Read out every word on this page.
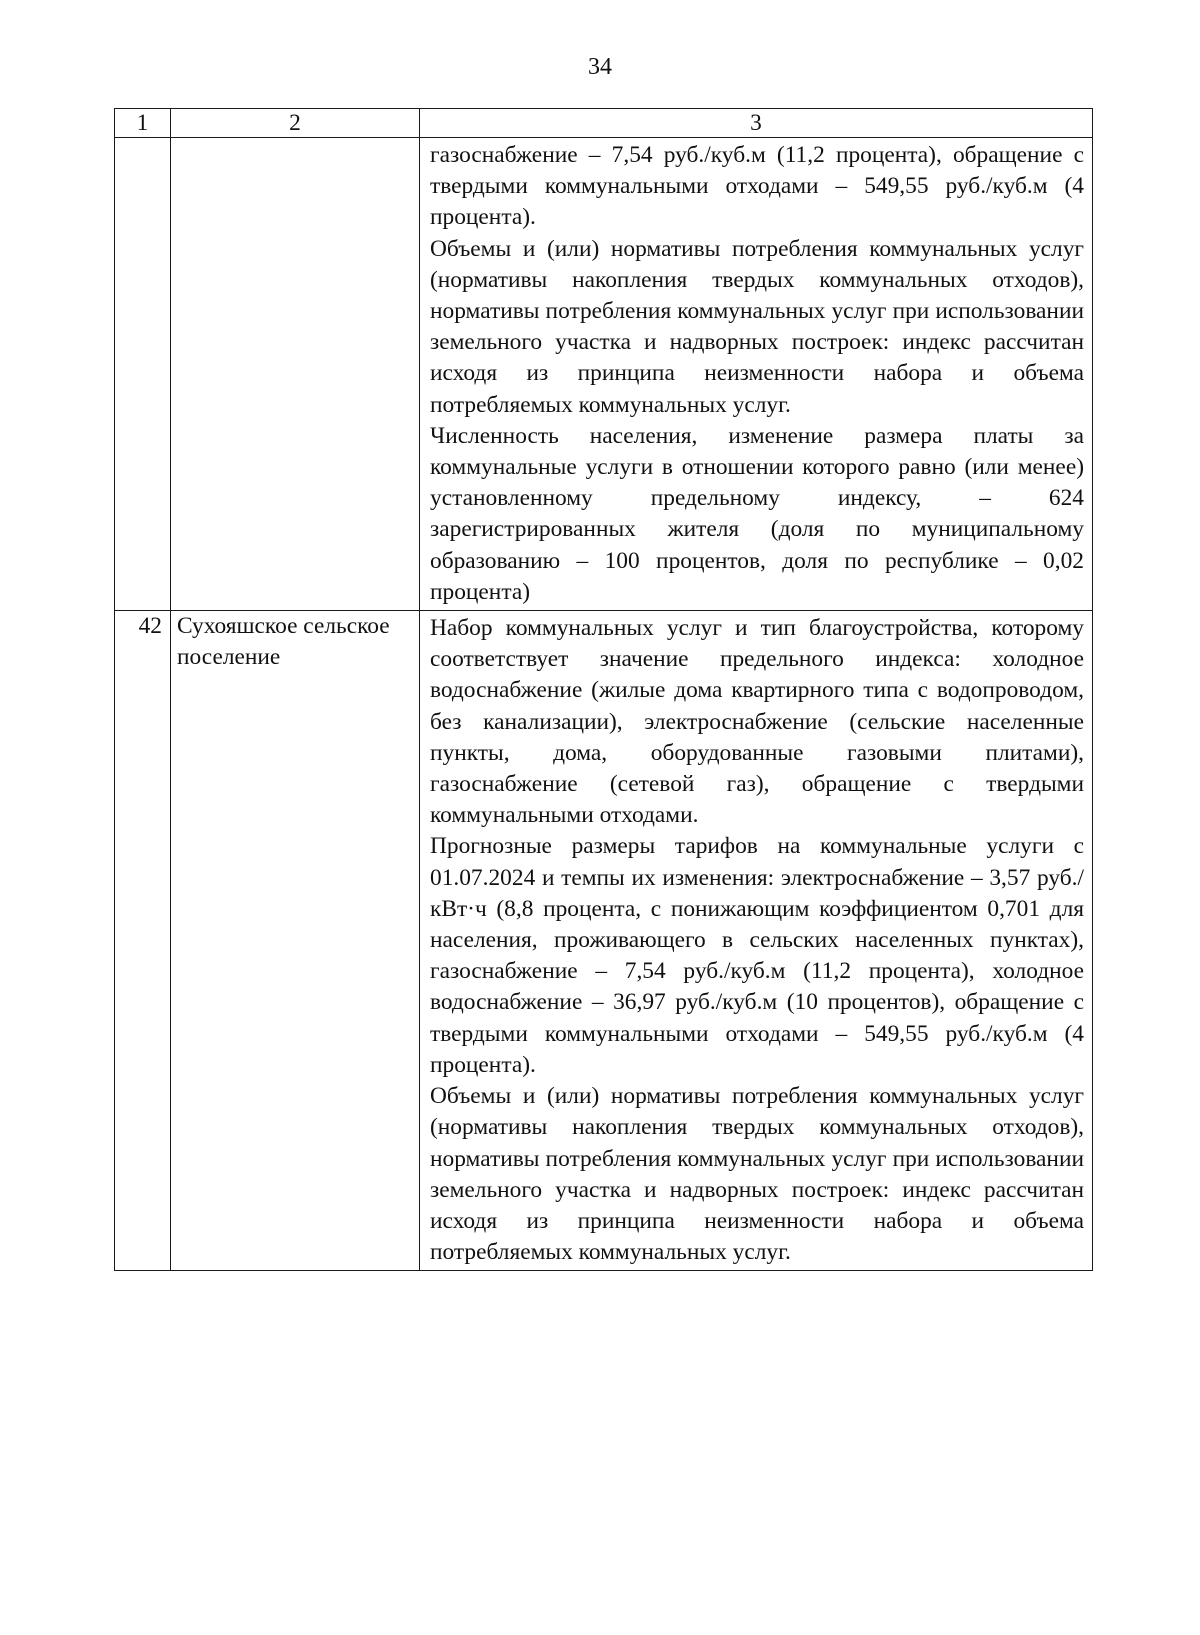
34
1	2	3

		газоснабжение – 7,54 руб./куб.м (11,2 процента), обращение с твердыми коммунальными отходами – 549,55 руб./куб.м (4 процента).

Объемы и (или) нормативы потребления коммунальных услуг (нормативы накопления твердых коммунальных отходов), нормативы потребления коммунальных услуг при использовании земельного участка и надворных построек: индекс рассчитан исходя из принципа неизменности набора и объема потребляемых коммунальных услуг.

Численность населения, изменение размера платы за коммунальные услуги в отношении которого равно (или менее) установленному предельному индексу, – 624 зарегистрированных жителя (доля по муниципальному образованию – 100 процентов, доля по республике – 0,02 процента)

42	Сухояшское сельское поселение	Набор коммунальных услуг и тип благоустройства, которому соответствует значение предельного индекса: холодное водоснабжение (жилые дома квартирного типа с водопроводом, без канализации), электроснабжение (сельские населенные пункты, дома, оборудованные газовыми плитами), газоснабжение (сетевой газ), обращение с твердыми коммунальными отходами.

Прогнозные размеры тарифов на коммунальные услуги с 01.07.2024 и темпы их изменения: электроснабжение – 3,57 руб./кВт·ч (8,8 процента, с понижающим коэффициентом 0,701 для населения, проживающего в сельских населенных пунктах), газоснабжение – 7,54 руб./куб.м (11,2 процента), холодное водоснабжение – 36,97 руб./куб.м (10 процентов), обращение с твердыми коммунальными отходами – 549,55 руб./куб.м (4 процента).

Объемы и (или) нормативы потребления коммунальных услуг (нормативы накопления твердых коммунальных отходов), нормативы потребления коммунальных услуг при использовании земельного участка и надворных построек: индекс рассчитан исходя из принципа неизменности набора и объема потребляемых коммунальных услуг.
